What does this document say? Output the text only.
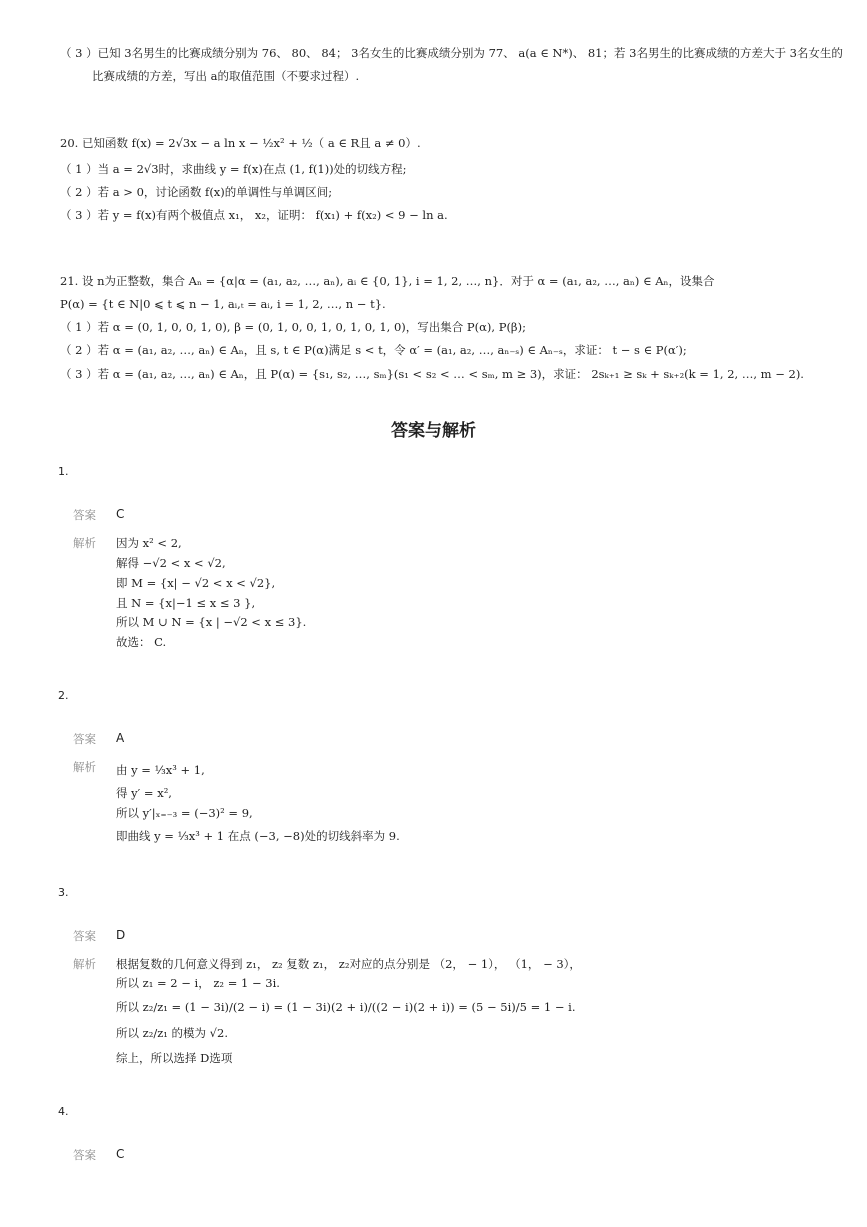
（ 3 ）已知 3名男生的比赛成绩分别为 76、 80、 84； 3名女生的比赛成绩分别为 77、 a(a ∈ N*)、 81；若 3名男生的比赛成绩的方差大于 3名女生的
比赛成绩的方差，写出 a的取值范围（不要求过程）.
20. 已知函数 f(x) = 2√3x − a ln x − ½x² + ½（ a ∈ R且 a ≠ 0）.
（ 1 ）当 a = 2√3时，求曲线 y = f(x)在点 (1, f(1))处的切线方程;
（ 2 ）若 a > 0，讨论函数 f(x)的单调性与单调区间;
（ 3 ）若 y = f(x)有两个极值点 x₁， x₂，证明： f(x₁) + f(x₂) < 9 − ln a.
21. 设 n为正整数，集合 Aₙ = {α|α = (a₁, a₂, …, aₙ), aᵢ ∈ {0, 1}, i = 1, 2, …, n}．对于 α = (a₁, a₂, …, aₙ) ∈ Aₙ，设集合
P(α) = {t ∈ N|0 ⩽ t ⩽ n − 1, aᵢ,ₜ = aᵢ, i = 1, 2, …, n − t}.
（ 1 ）若 α = (0, 1, 0, 0, 1, 0), β = (0, 1, 0, 0, 1, 0, 1, 0, 1, 0)，写出集合 P(α), P(β);
（ 2 ）若 α = (a₁, a₂, …, aₙ) ∈ Aₙ，且 s, t ∈ P(α)满足 s < t，令 α′ = (a₁, a₂, …, aₙ₋ₛ) ∈ Aₙ₋ₛ，求证： t − s ∈ P(α′);
（ 3 ）若 α = (a₁, a₂, …, aₙ) ∈ Aₙ，且 P(α) = {s₁, s₂, …, sₘ}(s₁ < s₂ < … < sₘ, m ≥ 3)，求证： 2sₖ₊₁ ≥ sₖ + sₖ₊₂(k = 1, 2, …, m − 2).
答案与解析
1.
答案 C
解析 因为 x² < 2,
解得 −√2 < x < √2,
即 M = {x| − √2 < x < √2},
且 N = {x|−1 ≤ x ≤ 3 },
所以 M ∪ N = {x | −√2 < x ≤ 3}.
故选： C.
2.
答案 A
解析 由 y = ⅓x³ + 1,
得 y′ = x²,
所以 y′|ₓ₌₋₃ = (−3)² = 9,
即曲线 y = ⅓x³ + 1 在点 (−3, −8)处的切线斜率为 9.
3.
答案 D
解析 根据复数的几何意义得到 z₁， z₂ 复数 z₁， z₂对应的点分别是 （2， − 1）， （1， − 3），
所以 z₁ = 2 − i， z₂ = 1 − 3i.
所以 z₂/z₁ = (1 − 3i)/(2 − i) = (1 − 3i)(2 + i)/((2 − i)(2 + i)) = (5 − 5i)/5 = 1 − i.
所以 z₂/z₁ 的模为 √2.
综上，所以选择 D选项
4.
答案 C
